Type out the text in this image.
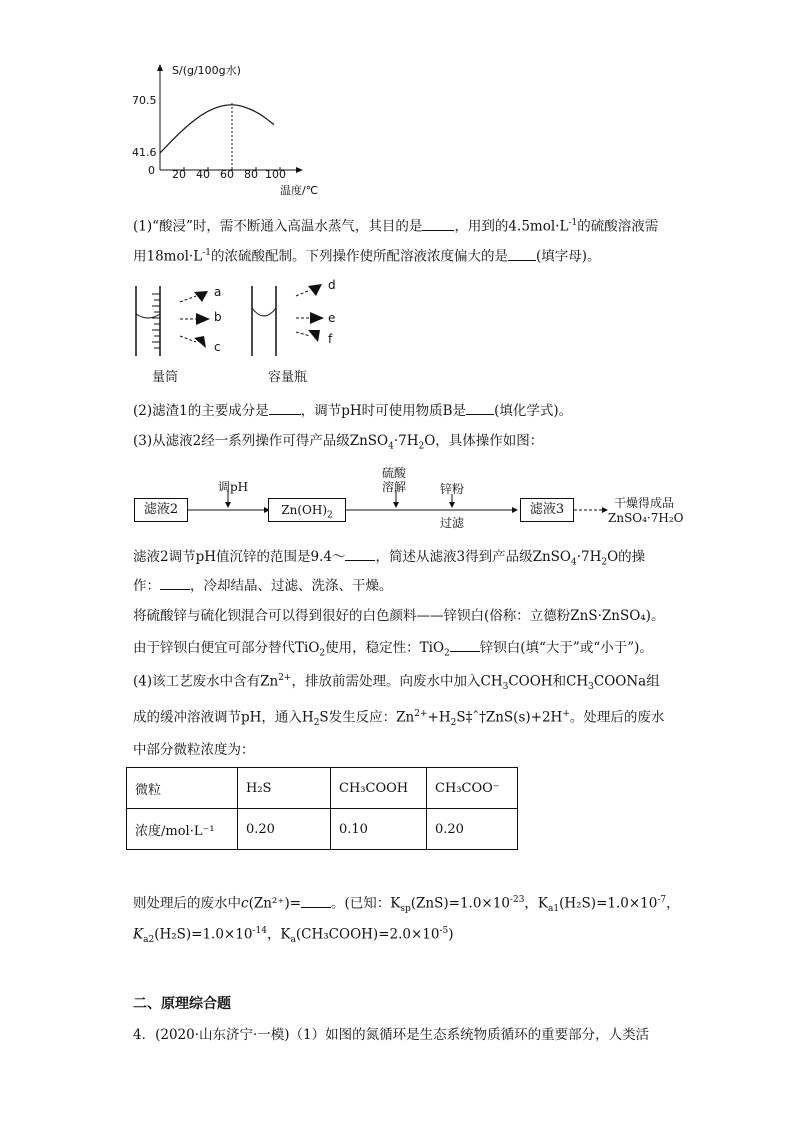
S/(g/100g水)
70.5
41.6
0 20 40 60 80 100
温度/℃
(1)“酸浸”时，需不断通入高温水蒸气，其目的是 ，用到的$4.5mol\cdot L^{-1}$的硫酸溶液需
用$18mol\cdot L^{-1}$的浓硫酸配制。下列操作使所配溶液浓度偏大的是 (填字母)。
a
b
c
d
e
f
量筒	容量瓶
(2)滤渣1的主要成分是 ，调节pH时可使用物质B是 (填化学式)。
(3)从滤液2经一系列操作可得产品级$ZnSO_4\cdot 7H_2O$，具体操作如图：
滤液2
调pH
$Zn(OH)_2$
硫酸
溶解	锌粉
过滤
滤液3	干燥得成品
ZnSO₄·7H₂O
滤液2调节pH值沉锌的范围是9.4～ ，简述从滤液3得到产品级$ZnSO_4\cdot 7H_2O$的操
作： ，冷却结晶、过滤、洗涤、干燥。
将硫酸锌与硫化钡混合可以得到很好的白色颜料——锌钡白(俗称：立德粉ZnS·ZnSO₄)。
由于锌钡白便宜可部分替代TiO$_2$使用，稳定性：TiO$_2$ 锌钡白(填“大于”或“小于”)。
(4)该工艺废水中含有$Zn^{2+}$，排放前需处理。向废水中加入$CH_3COOH$和$CH_3COONa$组
成的缓冲溶液调节pH，通入$H_2S$发生反应：$Zn^{2+}+H_2S\ddagger ˆ\dagger ZnS(s)+2H^+$。处理后的废水
中部分微粒浓度为：
微粒	H₂S	CH₃COOH	CH₃COO⁻
浓度/mol·L⁻¹	0.20	0.10	0.20
则处理后的废水中c(Zn²⁺)= 。(已知：$K_{sp}(ZnS)=1.0\times 10^{-23}$，$K_{a1}(H_2S)=1.0\times 10^{-7}$，
$K_{a2}(H_2S)=1.0\times 10^{-14}$，$K_a(CH_3COOH)=2.0\times 10^{-5}$)
二、原理综合题
4．(2020·山东济宁·一模)（1）如图的氮循环是生态系统物质循环的重要部分，人类活
